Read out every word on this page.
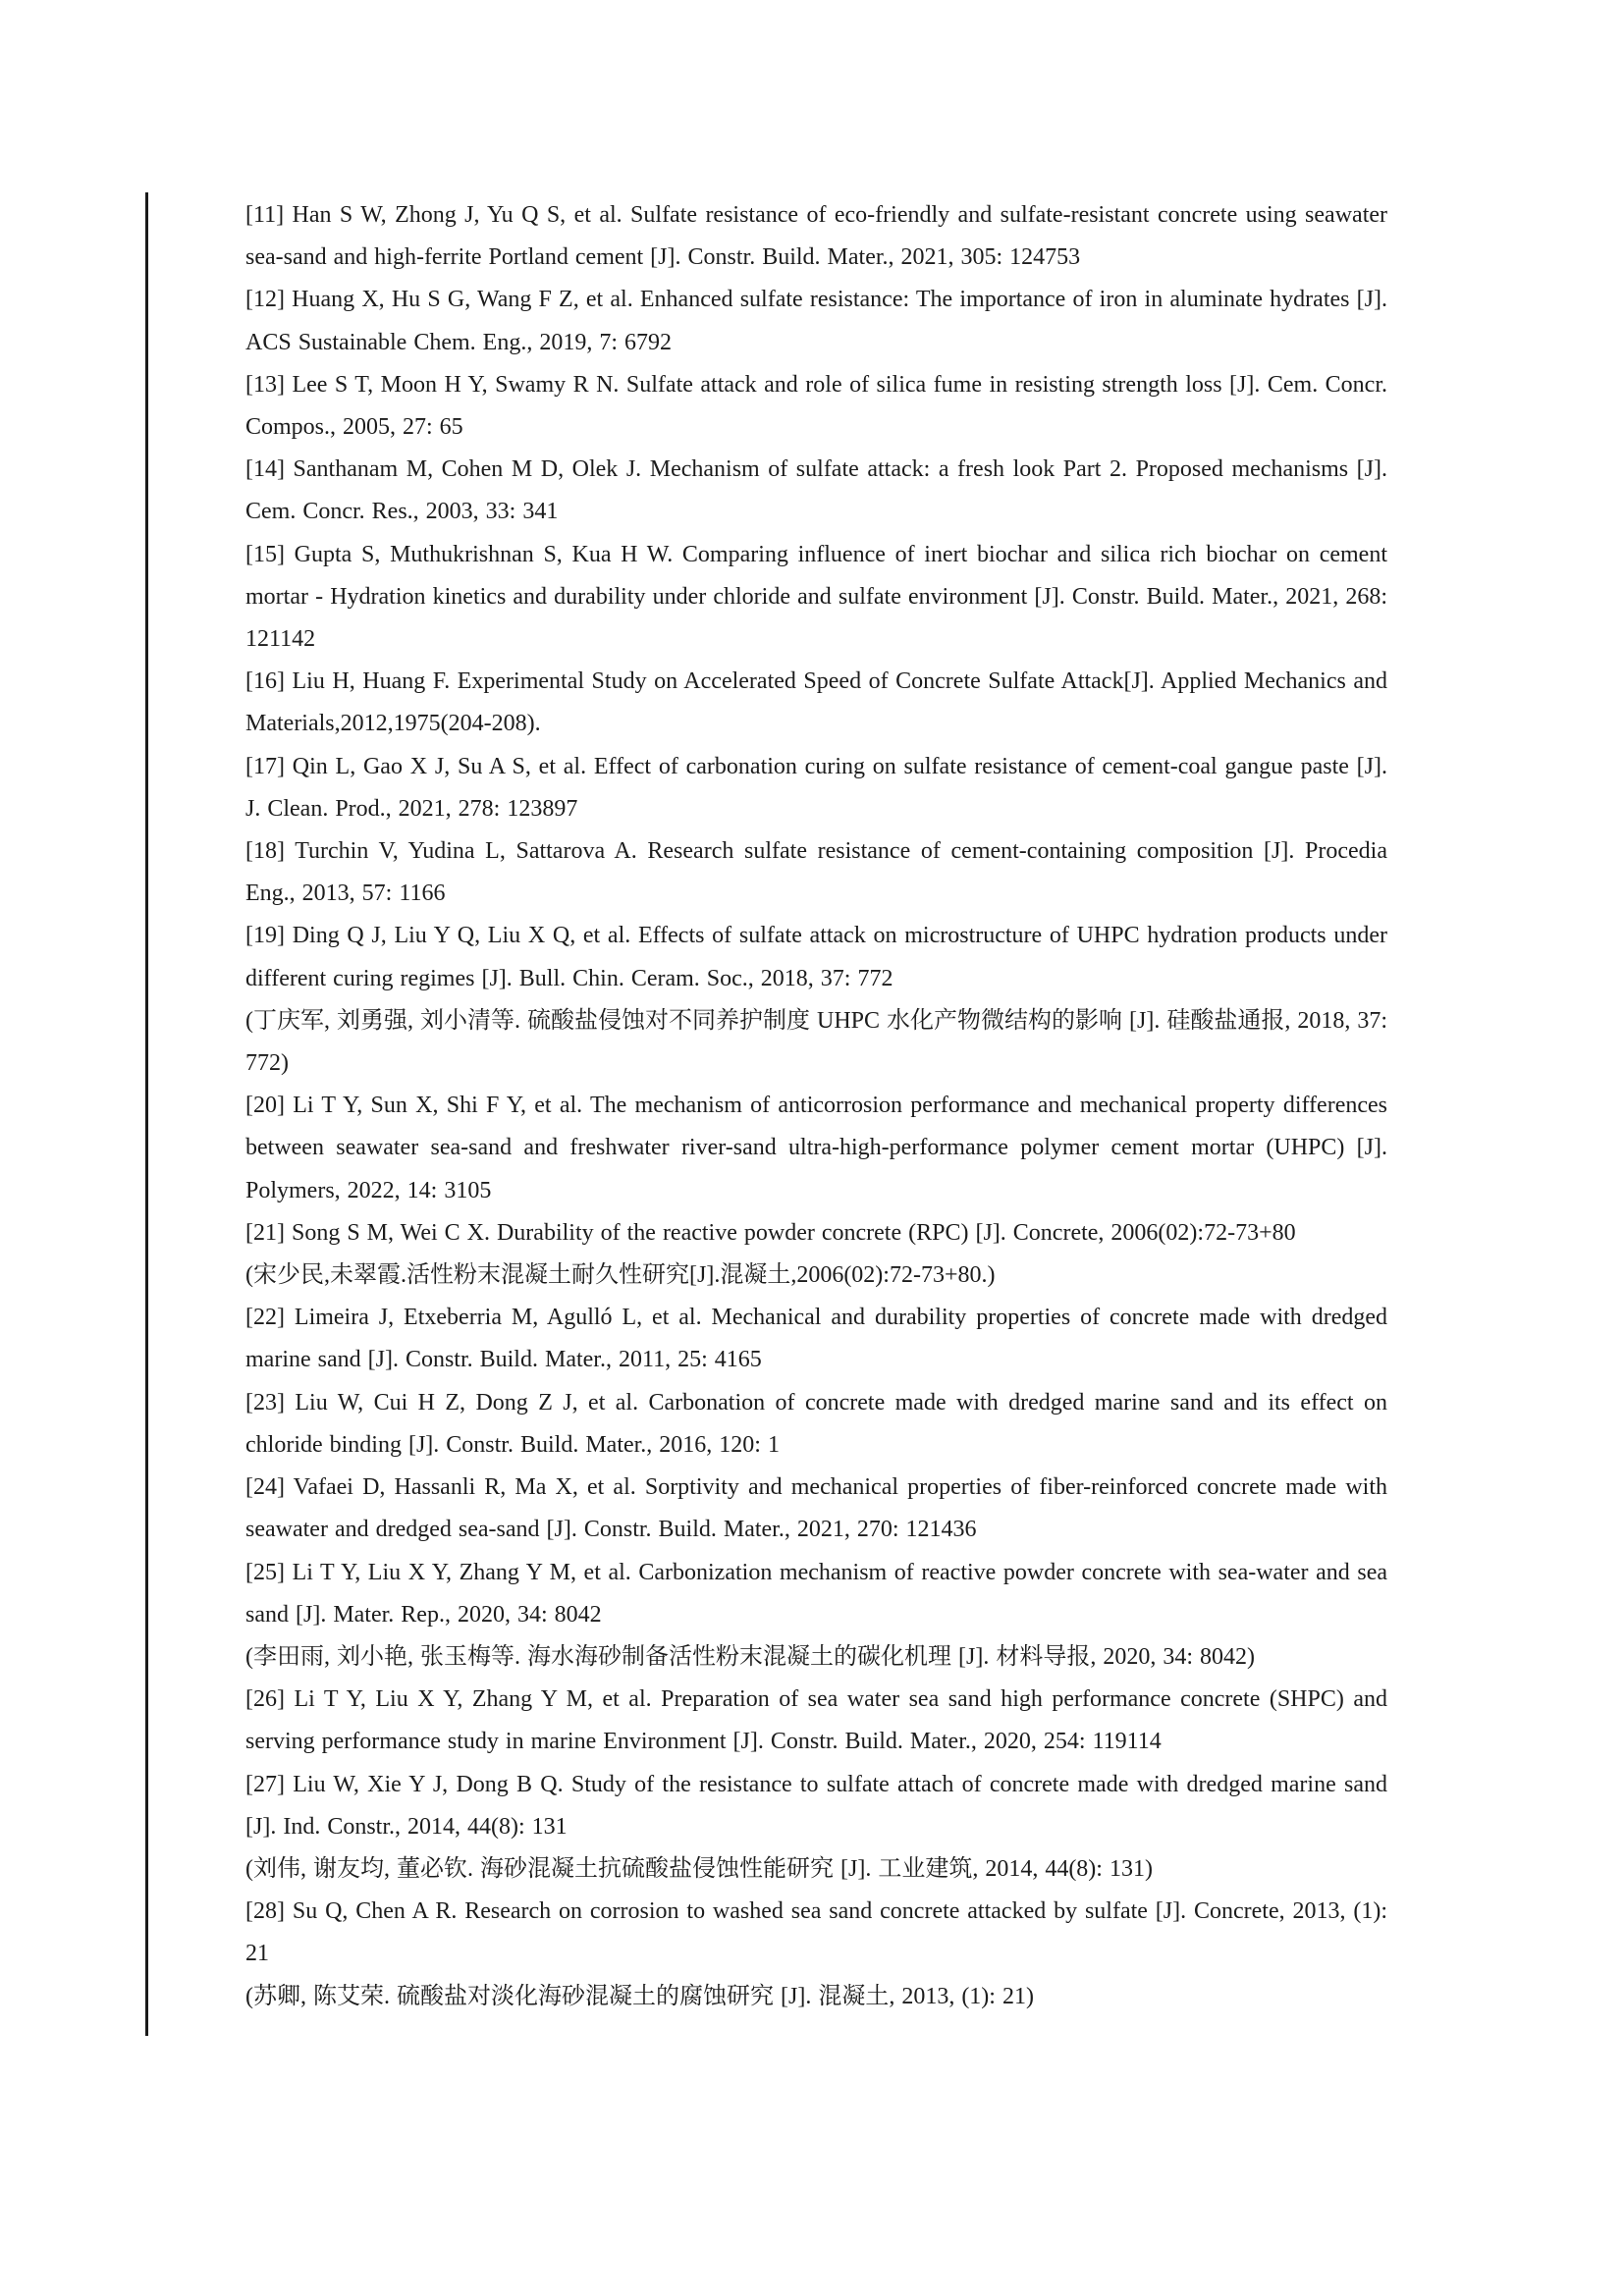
[11] Han S W, Zhong J, Yu Q S, et al. Sulfate resistance of eco-friendly and sulfate-resistant concrete using seawater sea-sand and high-ferrite Portland cement [J]. Constr. Build. Mater., 2021, 305: 124753

[12] Huang X, Hu S G, Wang F Z, et al. Enhanced sulfate resistance: The importance of iron in aluminate hydrates [J]. ACS Sustainable Chem. Eng., 2019, 7: 6792

[13] Lee S T, Moon H Y, Swamy R N. Sulfate attack and role of silica fume in resisting strength loss [J]. Cem. Concr. Compos., 2005, 27: 65

[14] Santhanam M, Cohen M D, Olek J. Mechanism of sulfate attack: a fresh look Part 2. Proposed mechanisms [J]. Cem. Concr. Res., 2003, 33: 341

[15] Gupta S, Muthukrishnan S, Kua H W. Comparing influence of inert biochar and silica rich biochar on cement mortar - Hydration kinetics and durability under chloride and sulfate environment [J]. Constr. Build. Mater., 2021, 268: 121142

[16] Liu H, Huang F. Experimental Study on Accelerated Speed of Concrete Sulfate Attack[J]. Applied Mechanics and Materials,2012,1975(204-208).

[17] Qin L, Gao X J, Su A S, et al. Effect of carbonation curing on sulfate resistance of cement-coal gangue paste [J]. J. Clean. Prod., 2021, 278: 123897

[18] Turchin V, Yudina L, Sattarova A. Research sulfate resistance of cement-containing composition [J]. Procedia Eng., 2013, 57: 1166

[19] Ding Q J, Liu Y Q, Liu X Q, et al. Effects of sulfate attack on microstructure of UHPC hydration products under different curing regimes [J]. Bull. Chin. Ceram. Soc., 2018, 37: 772

(丁庆军, 刘勇强, 刘小清等. 硫酸盐侵蚀对不同养护制度 UHPC 水化产物微结构的影响 [J]. 硅酸盐通报, 2018, 37: 772)

[20] Li T Y, Sun X, Shi F Y, et al. The mechanism of anticorrosion performance and mechanical property differences between seawater sea-sand and freshwater river-sand ultra-high-performance polymer cement mortar (UHPC) [J]. Polymers, 2022, 14: 3105

[21] Song S M, Wei C X. Durability of the reactive powder concrete (RPC) [J]. Concrete, 2006(02):72-73+80

(宋少民,未翠霞.活性粉末混凝土耐久性研究[J].混凝土,2006(02):72-73+80.)

[22] Limeira J, Etxeberria M, Agulló L, et al. Mechanical and durability properties of concrete made with dredged marine sand [J]. Constr. Build. Mater., 2011, 25: 4165

[23] Liu W, Cui H Z, Dong Z J, et al. Carbonation of concrete made with dredged marine sand and its effect on chloride binding [J]. Constr. Build. Mater., 2016, 120: 1

[24] Vafaei D, Hassanli R, Ma X, et al. Sorptivity and mechanical properties of fiber-reinforced concrete made with seawater and dredged sea-sand [J]. Constr. Build. Mater., 2021, 270: 121436

[25] Li T Y, Liu X Y, Zhang Y M, et al. Carbonization mechanism of reactive powder concrete with sea-water and sea sand [J]. Mater. Rep., 2020, 34: 8042

(李田雨, 刘小艳, 张玉梅等. 海水海砂制备活性粉末混凝土的碳化机理 [J]. 材料导报, 2020, 34: 8042)

[26] Li T Y, Liu X Y, Zhang Y M, et al. Preparation of sea water sea sand high performance concrete (SHPC) and serving performance study in marine Environment [J]. Constr. Build. Mater., 2020, 254: 119114

[27] Liu W, Xie Y J, Dong B Q. Study of the resistance to sulfate attach of concrete made with dredged marine sand [J]. Ind. Constr., 2014, 44(8): 131

(刘伟, 谢友均, 董必钦. 海砂混凝土抗硫酸盐侵蚀性能研究 [J]. 工业建筑, 2014, 44(8): 131)

[28] Su Q, Chen A R. Research on corrosion to washed sea sand concrete attacked by sulfate [J]. Concrete, 2013, (1): 21

(苏卿, 陈艾荣. 硫酸盐对淡化海砂混凝土的腐蚀研究 [J]. 混凝土, 2013, (1): 21)
